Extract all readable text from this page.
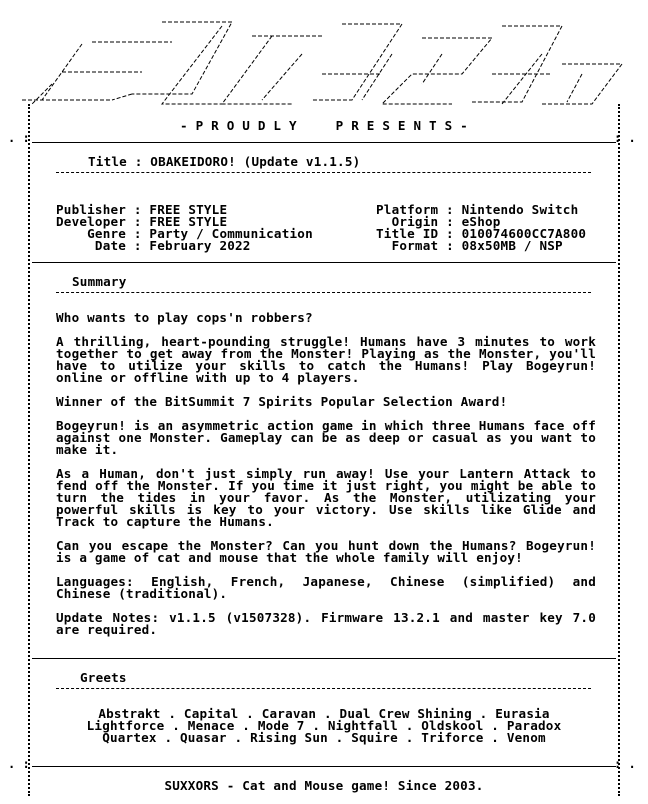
. :	: .
. :	: .
- P R O U D L Y     P R E S E N T S -
Title : OBAKEIDORO! (Update v1.1.5)

Publisher : FREE STYLE
Developer : FREE STYLE
Genre : Party / Communication
Date : February 2022

Platform : Nintendo Switch
Origin : eShop
Title ID : 010074600CC7A800
Format : 08x50MB / NSP

Summary
Who wants to play cops'n robbers?
A thrilling, heart-pounding struggle! Humans have 3 minutes to work together to get away from the Monster! Playing as the Monster, you'll have to utilize your skills to catch the Humans! Play Bogeyrun! online or offline with up to 4 players.
Winner of the BitSummit 7 Spirits Popular Selection Award!
Bogeyrun! is an asymmetric action game in which three Humans face off against one Monster. Gameplay can be as deep or casual as you want to make it.
As a Human, don't just simply run away! Use your Lantern Attack to fend off the Monster. If you time it just right, you might be able to turn the tides in your favor. As the Monster, utilizating your powerful skills is key to your victory. Use skills like Glide and Track to capture the Humans.
Can you escape the Monster? Can you hunt down the Humans? Bogeyrun! is a game of cat and mouse that the whole family will enjoy!
Languages: English, French, Japanese, Chinese (simplified) and Chinese (traditional).
Update Notes: v1.1.5 (v1507328). Firmware 13.2.1 and master key 7.0 are required.
Greets
Abstrakt . Capital . Caravan . Dual Crew Shining . Eurasia
Lightforce . Menace . Mode 7 . Nightfall . Oldskool . Paradox
Quartex . Quasar . Rising Sun . Squire . Triforce . Venom
SUXXORS - Cat and Mouse game! Since 2003.
